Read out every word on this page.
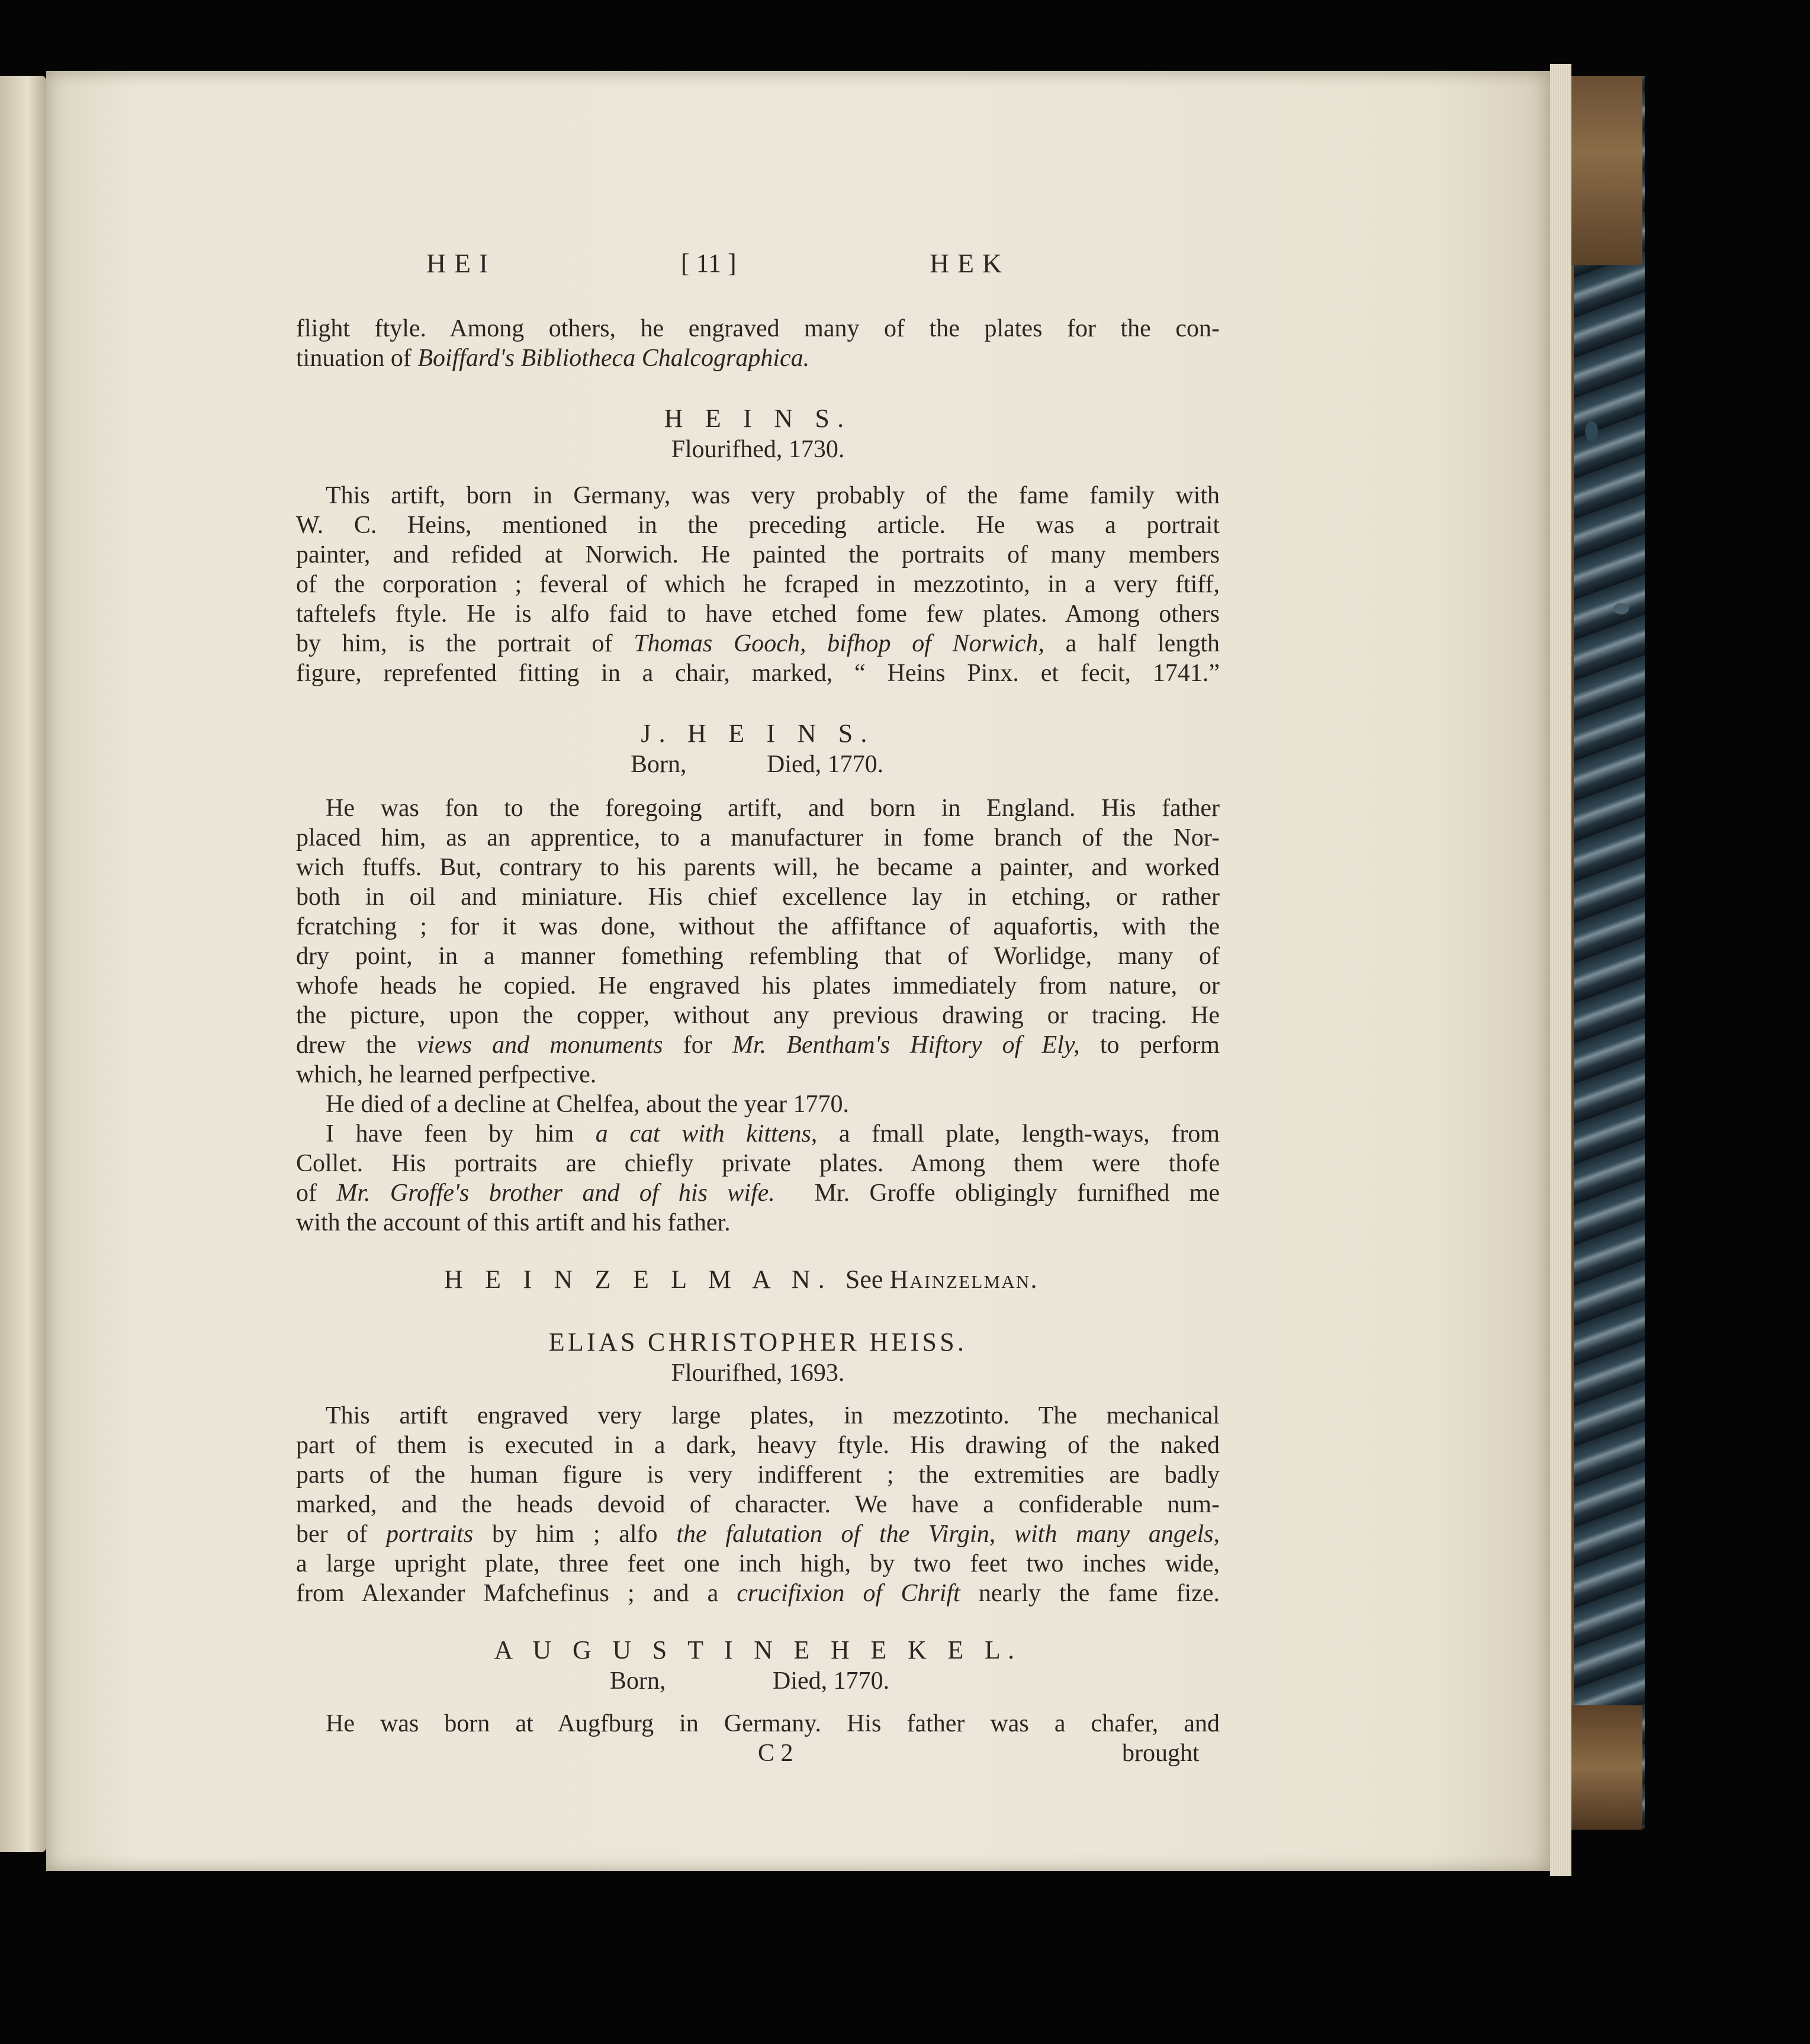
HEI	[ 11 ]	HEK

flight ftyle. Among others, he engraved many of the plates for the con-

tinuation of Boiffard's Bibliotheca Chalcographica.

H E I N S.

Flourifhed, 1730.

This artift, born in Germany, was very probably of the fame family with

W. C. Heins, mentioned in the preceding article. He was a portrait

painter, and refided at Norwich. He painted the portraits of many members

of the corporation ; feveral of which he fcraped in mezzotinto, in a very ftiff,

taftelefs ftyle. He is alfo faid to have etched fome few plates. Among others

by him, is the portrait of Thomas Gooch, bifhop of Norwich, a half length

figure, reprefented fitting in a chair, marked, “ Heins Pinx. et fecit, 1741.”

J. H E I N S.

Born,	Died, 1770.

He was fon to the foregoing artift, and born in England. His father

placed him, as an apprentice, to a manufacturer in fome branch of the Nor-

wich ftuffs. But, contrary to his parents will, he became a painter, and worked

both in oil and miniature. His chief excellence lay in etching, or rather

fcratching ; for it was done, without the affiftance of aquafortis, with the

dry point, in a manner fomething refembling that of Worlidge, many of

whofe heads he copied. He engraved his plates immediately from nature, or

the picture, upon the copper, without any previous drawing or tracing. He

drew the views and monuments for Mr. Bentham's Hiftory of Ely, to perform

which, he learned perfpective.

He died of a decline at Chelfea, about the year 1770.

I have feen by him a cat with kittens, a fmall plate, length-ways, from

Collet. His portraits are chiefly private plates. Among them were thofe

of Mr. Groffe's brother and of his wife.  Mr. Groffe obligingly furnifhed me

with the account of this artift and his father.

H E I N Z E L M A N. See Hainzelman.

ELIAS CHRISTOPHER HEISS.

Flourifhed, 1693.

This artift engraved very large plates, in mezzotinto. The mechanical

part of them is executed in a dark, heavy ftyle. His drawing of the naked

parts of the human figure is very indifferent ; the extremities are badly

marked, and the heads devoid of character. We have a confiderable num-

ber of portraits by him ; alfo the falutation of the Virgin, with many angels,

a large upright plate, three feet one inch high, by two feet two inches wide,

from Alexander Mafchefinus ; and a crucifixion of Chrift nearly the fame fize.

A U G U S T I N E H E K E L.

Born,	Died, 1770.

He was born at Augfburg in Germany. His father was a chafer, and

C 2	brought
